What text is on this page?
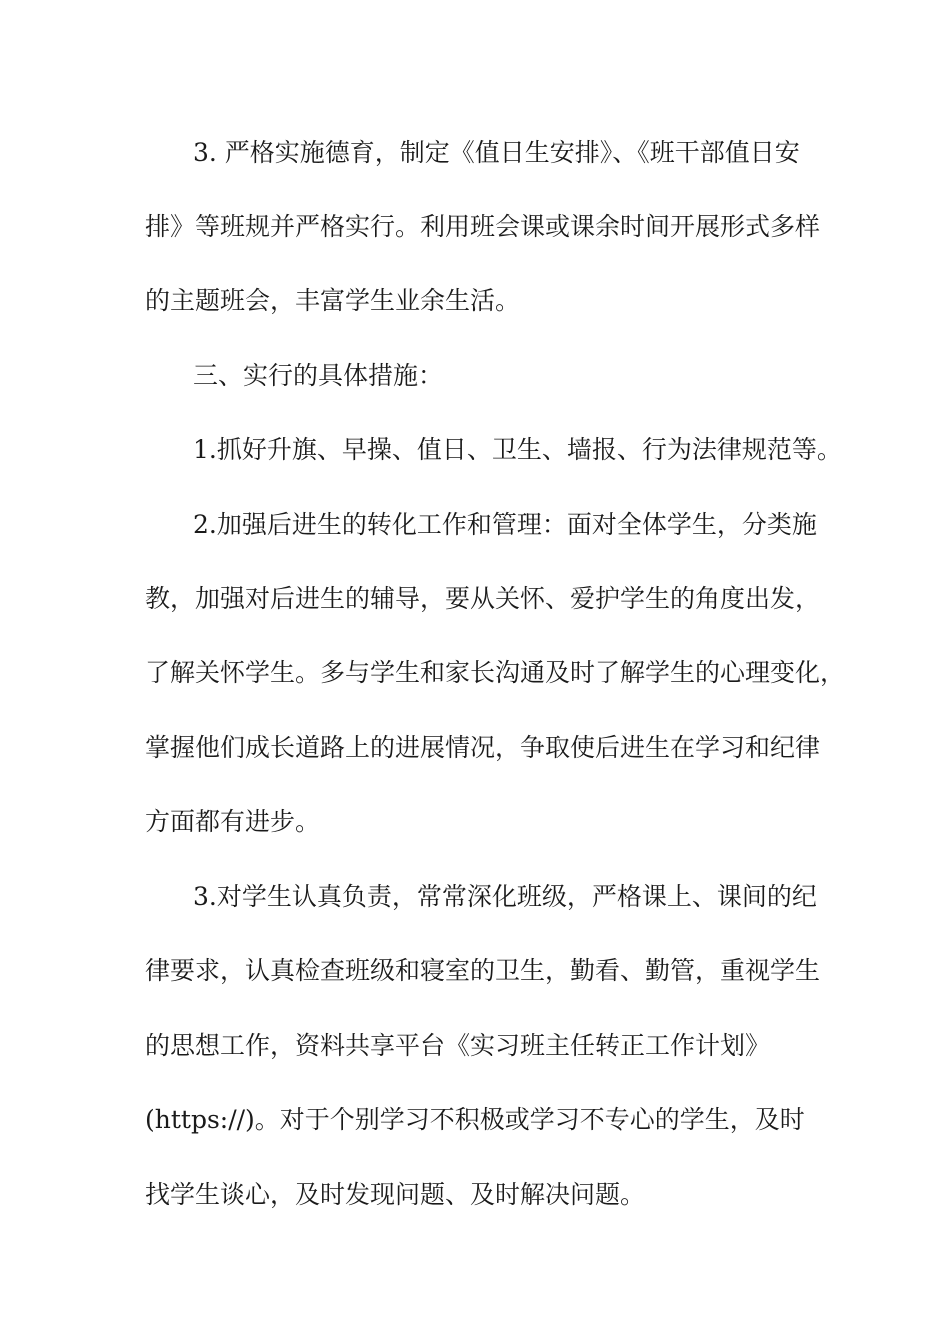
3. 严格实施德育，制定《值日生安排》、《班干部值日安

排》等班规并严格实行。利用班会课或课余时间开展形式多样

的主题班会，丰富学生业余生活。

三、实行的具体措施：

1.抓好升旗、早操、值日、卫生、墙报、行为法律规范等。

2.加强后进生的转化工作和管理：面对全体学生，分类施

教，加强对后进生的辅导，要从关怀、爱护学生的角度出发，

了解关怀学生。多与学生和家长沟通及时了解学生的心理变化，

掌握他们成长道路上的进展情况，争取使后进生在学习和纪律

方面都有进步。

3.对学生认真负责，常常深化班级，严格课上、课间的纪

律要求，认真检查班级和寝室的卫生，勤看、勤管，重视学生

的思想工作，资料共享平台《实习班主任转正工作计划》

(https://)。对于个别学习不积极或学习不专心的学生，及时

找学生谈心，及时发现问题、及时解决问题。
